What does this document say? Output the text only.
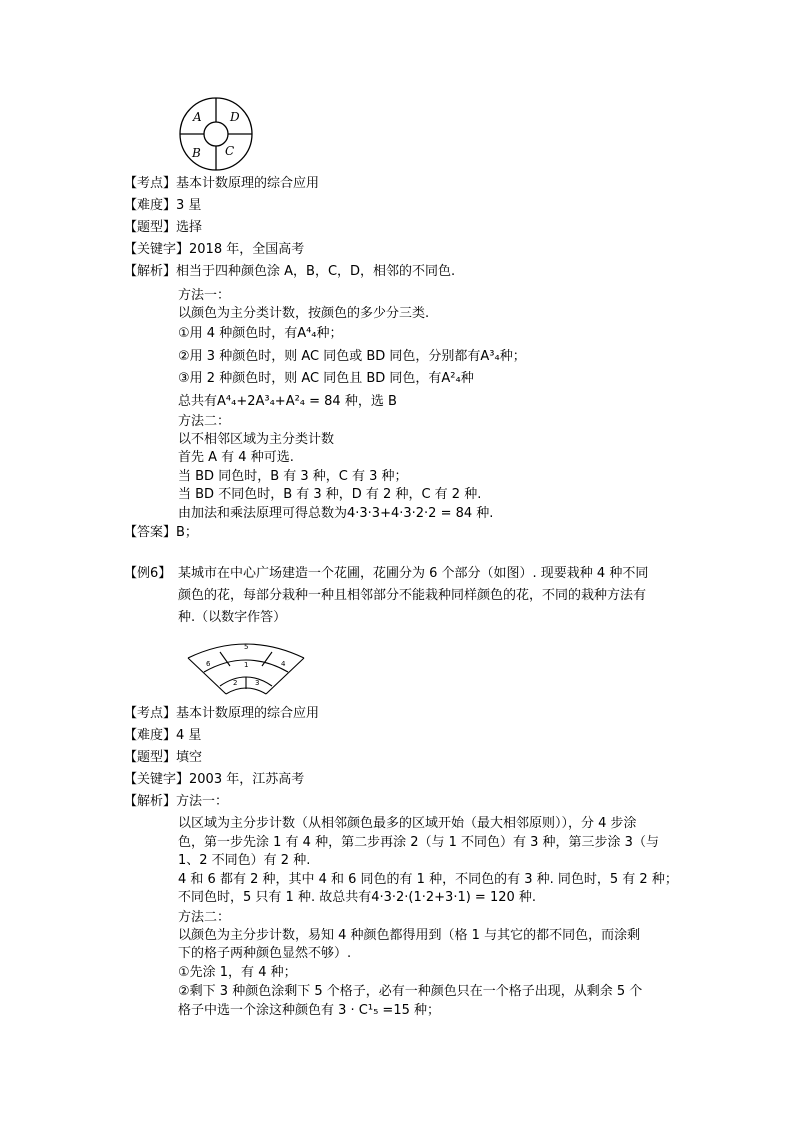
A D
B C
【考点】基本计数原理的综合应用
【难度】3 星
【题型】选择
【关键字】2018 年，全国高考
【解析】相当于四种颜色涂 A，B，C，D，相邻的不同色.
方法一：
以颜色为主分类计数，按颜色的多少分三类.
①用 4 种颜色时，有A⁴₄种；
②用 3 种颜色时，则 AC 同色或 BD 同色，分别都有A³₄种；
③用 2 种颜色时，则 AC 同色且 BD 同色，有A²₄种
总共有A⁴₄+2A³₄+A²₄ = 84 种，选 B
方法二：
以不相邻区域为主分类计数
首先 A 有 4 种可选.
当 BD 同色时，B 有 3 种，C 有 3 种；
当 BD 不同色时，B 有 3 种，D 有 2 种，C 有 2 种.
由加法和乘法原理可得总数为4·3·3+4·3·2·2 = 84 种.
【答案】B；
【例6】 某城市在中心广场建造一个花圃，花圃分为 6 个部分（如图）. 现要栽种 4 种不同
颜色的花，每部分栽种一种且相邻部分不能栽种同样颜色的花，不同的栽种方法有
种.（以数字作答）
5
6	1	4
2	3
【考点】基本计数原理的综合应用
【难度】4 星
【题型】填空
【关键字】2003 年，江苏高考
【解析】方法一：
以区域为主分步计数（从相邻颜色最多的区域开始（最大相邻原则）），分 4 步涂
色，第一步先涂 1 有 4 种，第二步再涂 2（与 1 不同色）有 3 种，第三步涂 3（与
1、2 不同色）有 2 种.
4 和 6 都有 2 种，其中 4 和 6 同色的有 1 种，不同色的有 3 种. 同色时，5 有 2 种；
不同色时，5 只有 1 种. 故总共有4·3·2·(1·2+3·1) = 120 种.
方法二：
以颜色为主分步计数，易知 4 种颜色都得用到（格 1 与其它的都不同色，而涂剩
下的格子两种颜色显然不够）.
①先涂 1，有 4 种；
②剩下 3 种颜色涂剩下 5 个格子，必有一种颜色只在一个格子出现，从剩余 5 个
格子中选一个涂这种颜色有 3 · C¹₅ =15 种；
